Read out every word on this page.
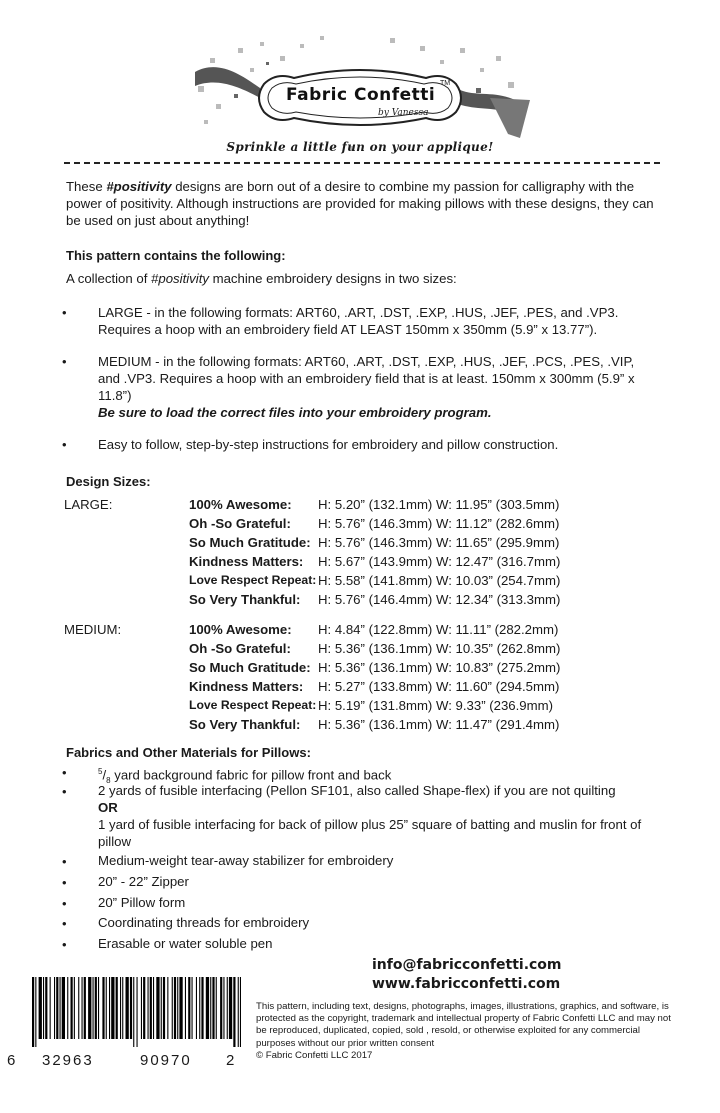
Fabric Confetti
TM
by Vanessa
Sprinkle a little fun on your applique!

These #positivity designs are born out of a desire to combine my passion for calligraphy with the power of positivity. Although instructions are provided for making pillows with these designs, they can be used on just about anything!

This pattern contains the following:
A collection of #positivity machine embroidery designs in two sizes:
• LARGE - in the following formats: ART60, .ART, .DST, .EXP, .HUS, .JEF, .PES, and .VP3. Requires a hoop with an embroidery field AT LEAST 150mm x 350mm (5.9” x 13.77”).

• MEDIUM - in the following formats: ART60, .ART, .DST, .EXP, .HUS, .JEF, .PCS, .PES, .VIP, and .VP3. Requires a hoop with an embroidery field that is at least. 150mm x 300mm (5.9” x 11.8”)

Be sure to load the correct files into your embroidery program.

• Easy to follow, step-by-step instructions for embroidery and pillow construction.

Design Sizes:
LARGE:
MEDIUM:
100% Awesome: H: 5.20” (132.1mm) W: 11.95” (303.5mm)
Oh -So Grateful: H: 5.76” (146.3mm) W: 11.12” (282.6mm)
So Much Gratitude: H: 5.76” (146.3mm) W: 11.65” (295.9mm)
Kindness Matters: H: 5.67” (143.9mm) W: 12.47” (316.7mm)
Love Respect Repeat: H: 5.58” (141.8mm) W: 10.03” (254.7mm)
So Very Thankful: H: 5.76” (146.4mm) W: 12.34” (313.3mm)
100% Awesome: H: 4.84” (122.8mm) W: 11.11” (282.2mm)
Oh -So Grateful: H: 5.36” (136.1mm) W: 10.35” (262.8mm)
So Much Gratitude: H: 5.36” (136.1mm) W: 10.83” (275.2mm)
Kindness Matters: H: 5.27” (133.8mm) W: 11.60” (294.5mm)
Love Respect Repeat: H: 5.19” (131.8mm) W: 9.33” (236.9mm)
So Very Thankful: H: 5.36” (136.1mm) W: 11.47” (291.4mm)
Fabrics and Other Materials for Pillows:
•	$^5/_8$ yard background fabric for pillow front and back
• 2 yards of fusible interfacing (Pellon SF101, also called Shape-flex) if you are not quilting

OR

1 yard of fusible interfacing for back of pillow plus 25” square of batting and muslin for front of pillow

• Medium-weight tear-away stabilizer for embroidery

• 20” - 22” Zipper

• 20” Pillow form

• Coordinating threads for embroidery

• Erasable or water soluble pen

info@fabricconfetti.com
www.fabricconfetti.com
This pattern, including text, designs, photographs, images, illustrations, graphics, and software, is protected as the copyright, trademark and intellectual property of Fabric Confetti LLC and may not be reproduced, duplicated, copied, sold , resold, or otherwise exploited for any commercial purposes without our prior written consent
© Fabric Confetti LLC 2017
6 32963	90970 2
